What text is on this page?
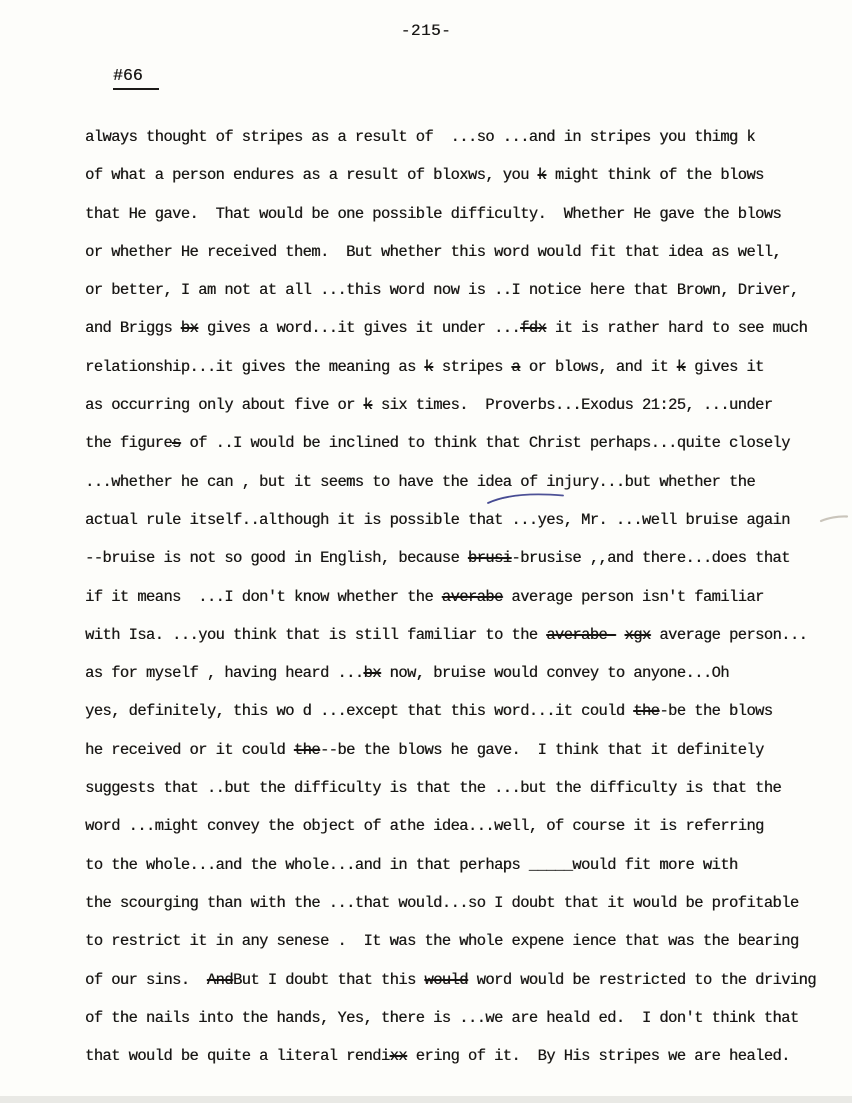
-215-
#66
always thought of stripes as a result of  ...so ...and in stripes you thimg k
of what a person endures as a result of bloxws, you k might think of the blows
that He gave.  That would be one possible difficulty.  Whether He gave the blows
or whether He received them.  But whether this word would fit that idea as well,
or better, I am not at all ...this word now is ..I notice here that Brown, Driver,
and Briggs bx gives a word...it gives it under ...fdx it is rather hard to see much
relationship...it gives the meaning as k stripes a or blows, and it k gives it
as occurring only about five or k six times.  Proverbs...Exodus 21:25, ...under
the figures of ..I would be inclined to think that Christ perhaps...quite closely
...whether he can , but it seems to have the idea of injury...but whether the
actual rule itself..although it is possible that ...yes, Mr. ...well bruise again
--bruise is not so good in English, because brusi-brusise ,,and there...does that
if it means  ...I don't know whether the averabe average person isn't familiar
with Isa. ...you think that is still familiar to the averabe- xgx average person...
as for myself , having heard ...bx now, bruise would convey to anyone...Oh
yes, definitely, this wo d ...except that this word...it could the-be the blows
he received or it could the--be the blows he gave.  I think that it definitely
suggests that ..but the difficulty is that the ...but the difficulty is that the
word ...might convey the object of athe idea...well, of course it is referring
to the whole...and the whole...and in that perhaps _____would fit more with
the scourging than with the ...that would...so I doubt that it would be profitable
to restrict it in any senese .  It was the whole expene ience that was the bearing
of our sins.  AndBut I doubt that this would word would be restricted to the driving
of the nails into the hands, Yes, there is ...we are heald ed.  I don't think that
that would be quite a literal rendixx ering of it.  By His stripes we are healed.
